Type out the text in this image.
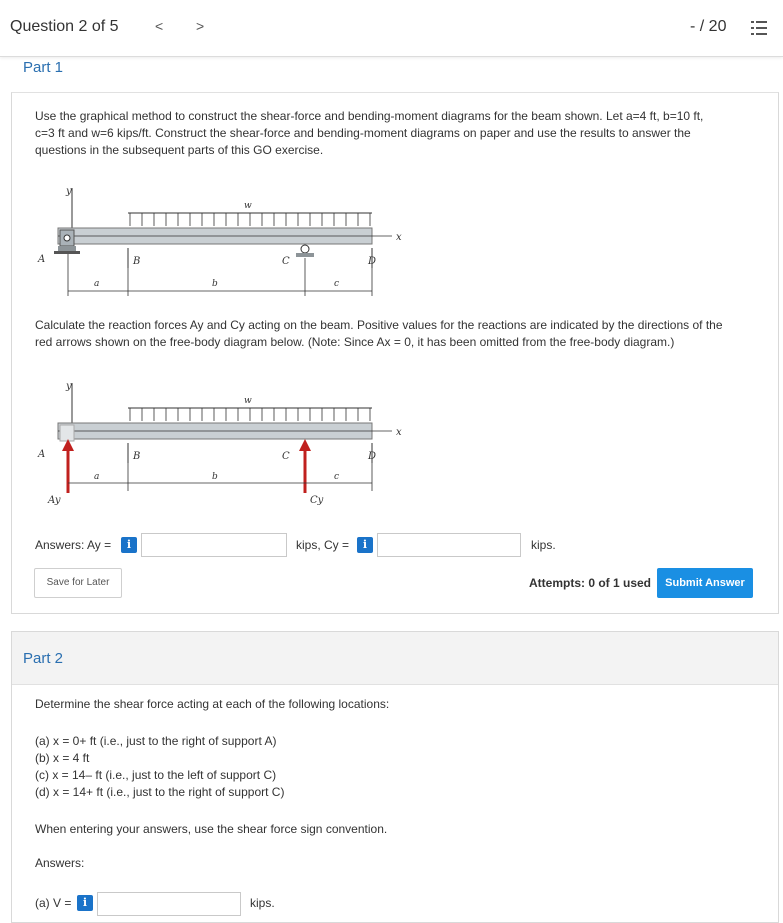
Question 2 of 5	< >	- / 20
Part 1
Use the graphical method to construct the shear-force and bending-moment diagrams for the beam shown. Let a=4 ft, b=10 ft,
c=3 ft and w=6 kips/ft. Construct the shear-force and bending-moment diagrams on paper and use the results to answer the
questions in the subsequent parts of this GO exercise.
y
w
x
A	C
B	D
a	b	c
Calculate the reaction forces Ay and Cy acting on the beam. Positive values for the reactions are indicated by the directions of the
red arrows shown on the free-body diagram below. (Note: Since Ax = 0, it has been omitted from the free-body diagram.)
y
w
x
A
Ay	Cy
C
B	D
a	b	c
Answers: Ay =	i	kips, Cy =	i	kips.
Save for Later	Attempts: 0 of 1 used	Submit Answer
Part 2
Determine the shear force acting at each of the following locations:
(a) x = 0+ ft (i.e., just to the right of support A)
(b) x = 4 ft
(c) x = 14– ft (i.e., just to the left of support C)
(d) x = 14+ ft (i.e., just to the right of support C)
When entering your answers, use the shear force sign convention.
Answers:
(a) V =	i	kips.
